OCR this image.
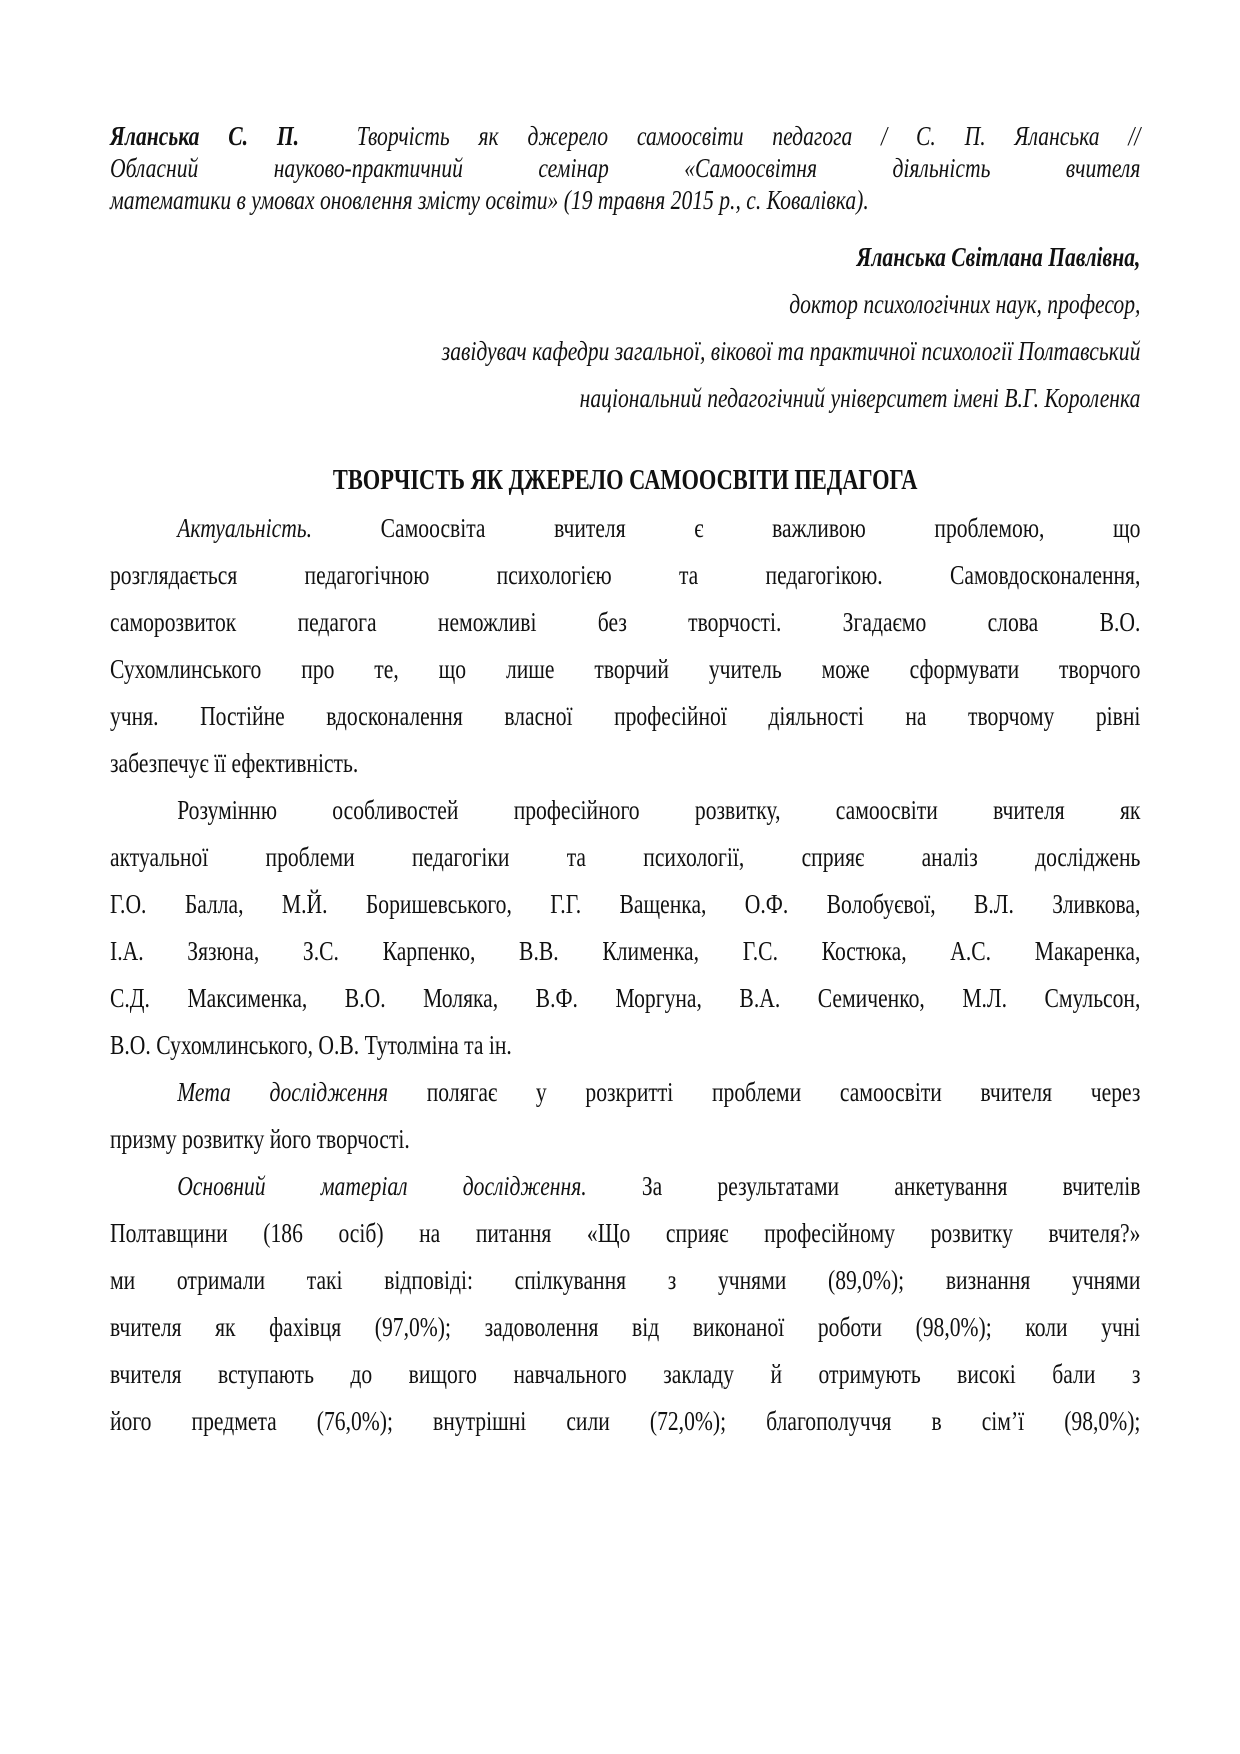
Яланська С. П. Творчість як джерело самоосвіти педагога / С. П. Яланська //
Обласний науково-практичний семінар «Самоосвітня діяльність вчителя
математики в умовах оновлення змісту освіти» (19 травня 2015 р., с. Ковалівка).
Яланська Світлана Павлівна,
доктор психологічних наук, професор,
завідувач кафедри загальної, вікової та практичної психології Полтавський
національний педагогічний університет імені В.Г. Короленка
ТВОРЧІСТЬ ЯК ДЖЕРЕЛО САМООСВІТИ ПЕДАГОГА
Актуальність.	Самоосвіта вчителя є важливою проблемою, що
розглядається педагогічною психологією та педагогікою. Самовдосконалення,
саморозвиток педагога неможливі без творчості. Згадаємо слова В.О.
Сухомлинського про те, що лише творчий учитель може сформувати творчого
учня. Постійне вдосконалення власної професійної діяльності на творчому рівні
забезпечує її ефективність.
Розумінню особливостей професійного розвитку, самоосвіти вчителя як
актуальної проблеми педагогіки та психології, сприяє аналіз досліджень
Г.О. Балла, М.Й. Боришевського, Г.Г. Ващенка, О.Ф. Волобуєвої, В.Л. Зливкова,
І.А. Зязюна, З.С. Карпенко, В.В. Клименка, Г.С. Костюка, А.С. Макаренка,
С.Д. Максименка, В.О. Моляка, В.Ф. Моргуна, В.А. Семиченко, М.Л. Смульсон,
В.О. Сухомлинського, О.В. Тутолміна та ін.
Мета дослідження полягає у розкритті проблеми самоосвіти вчителя через
призму розвитку його творчості.
Основний матеріал дослідження. За результатами анкетування вчителів
Полтавщини (186 осіб) на питання «Що сприяє професійному розвитку вчителя?»
ми отримали такі відповіді: спілкування з учнями (89,0%); визнання учнями
вчителя як фахівця (97,0%); задоволення від виконаної роботи (98,0%); коли учні
вчителя вступають до вищого навчального закладу й отримують високі бали з
його предмета (76,0%); внутрішні сили (72,0%); благополуччя в сім’ї (98,0%);
